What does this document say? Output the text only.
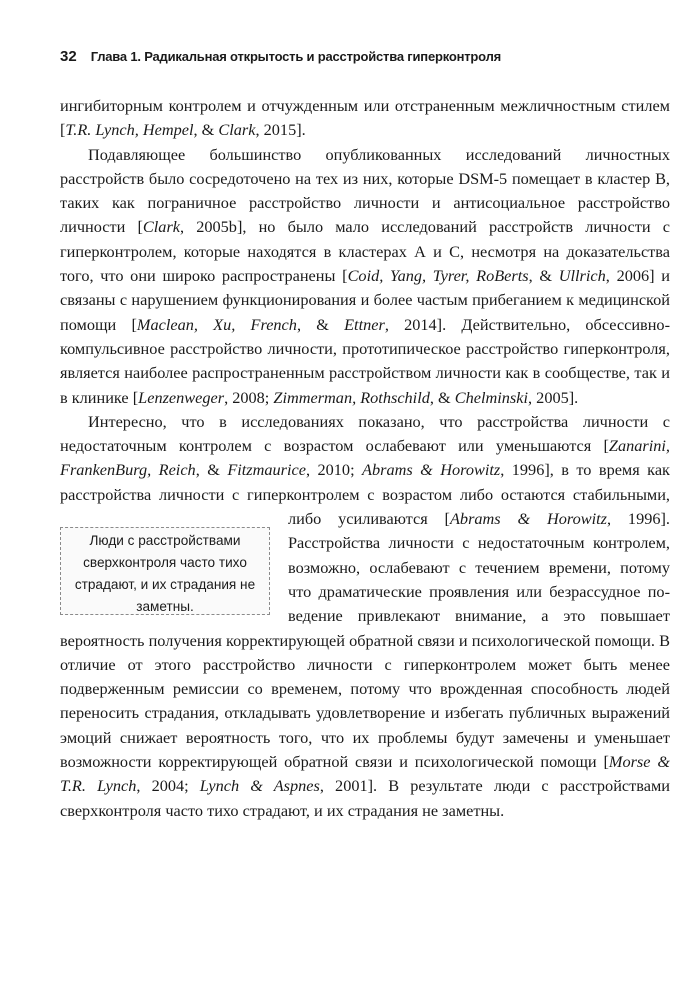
32 Глава 1. Радикальная открытость и расстройства гиперконтроля

ингибиторным контролем и отчужденным или отстраненным межличностным стилем [T.R. Lynch, Hempel, & Clark, 2015].

Подавляющее большинство опубликованных исследований личностных расстройств было сосредоточено на тех из них, которые DSM-5 помещает в кластер В, таких как пограничное расстройство личности и антисоциальное расстройство личности [Clark, 2005b], но было мало исследований расстройств личности с гиперконтролем, которые находятся в кластерах А и С, несмотря на доказательства того, что они широко распространены [Coid, Yang, Tyrer, RoBerts, & Ullrich, 2006] и связаны с нарушением функционирования и более частым прибеганием к медицинской помощи [Maclean, Xu, French, & Ettner, 2014]. Действительно, обсессивно-компульсивное расстройство личности, прототипическое расстройство гиперконтроля, является наиболее распространенным расстройством личности как в сообществе, так и в клинике [Lenzenweger, 2008; Zimmerman, Rothschild, & Chelminski, 2005].

Интересно, что в исследованиях показано, что расстройства личности с недостаточным контролем с возрастом ослабевают или уменьшаются [Zanarini, FrankenBurg, Reich, & Fitzmaurice, 2010; Abrams & Horowitz, 1996], в то время как расстройства личности с гиперконтролем с возрастом либо остаются стабильными, либо усиливаются [
Люди с расстройствами сверхконтроля часто тихо страдают, и их страдания не заметны.
Abrams & Horowitz, 1996]. Расстройства личности с недостаточным контролем, возможно, ослабевают с течением времени, потому что драматические проявления или безрассудное поведение привлекают внимание, а это повышает вероятность получения корректирующей обратной связи и психологической помощи. В отличие от этого расстройство личности с гиперконтролем может быть менее подверженным ремиссии со временем, потому что врожденная способность людей переносить страдания, откладывать удовлетворение и избегать публичных выражений эмоций снижает вероятность того, что их проблемы будут замечены и уменьшает возможности корректирующей обратной связи и психологической помощи [Morse & T.R. Lynch, 2004; Lynch & Aspnes, 2001]. В результате люди с расстройствами сверхконтроля часто тихо страдают, и их страдания не заметны.
